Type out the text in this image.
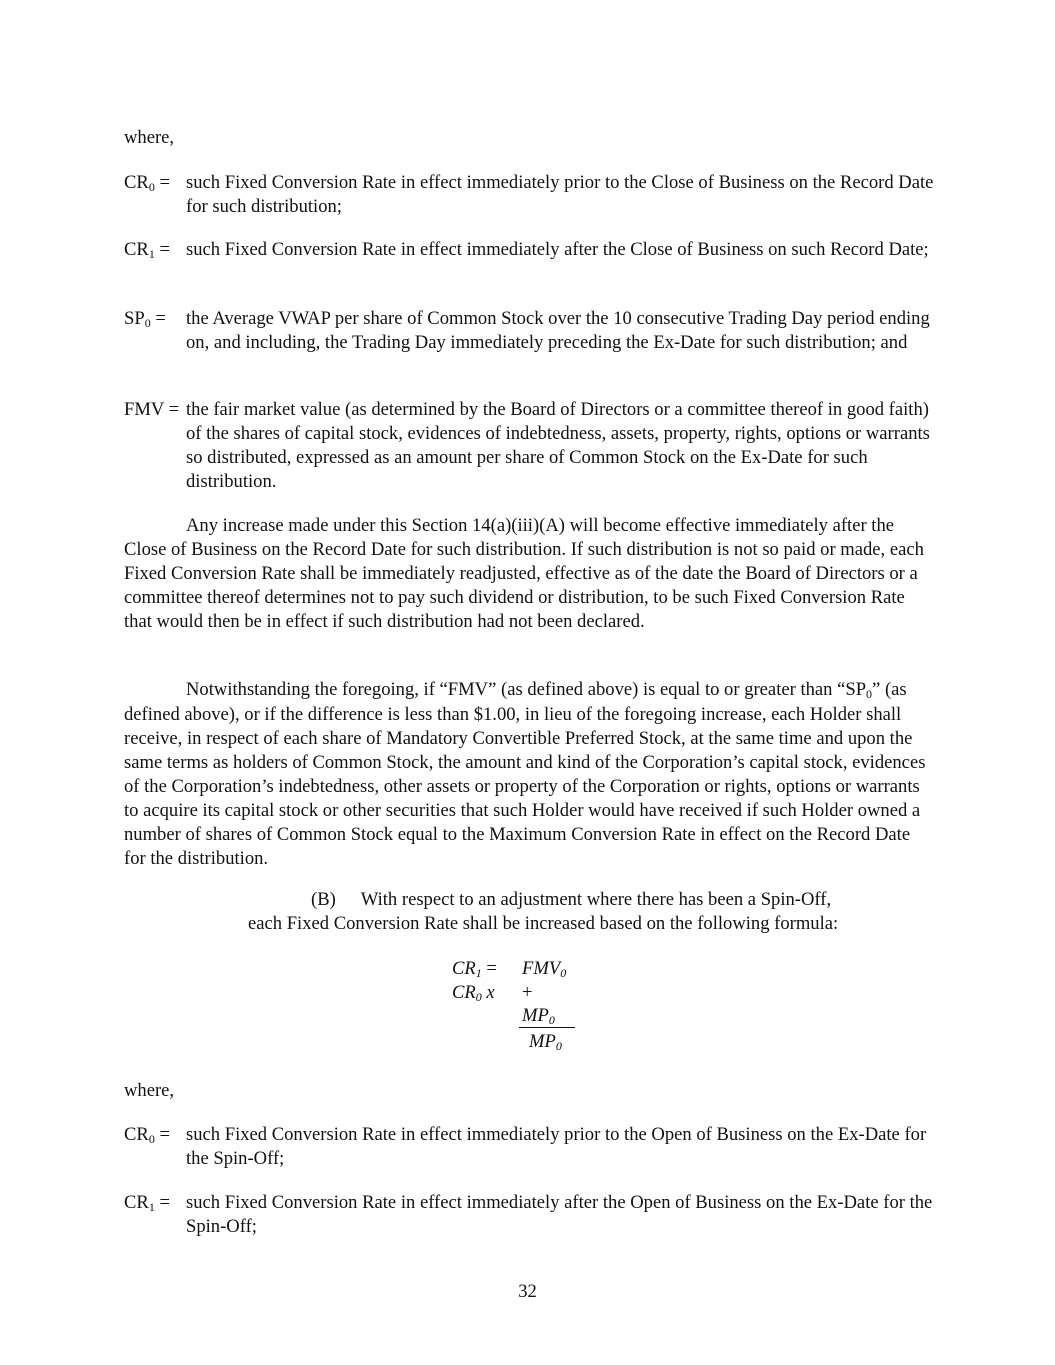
where,

CR0 = such Fixed Conversion Rate in effect immediately prior to the Close of Business on the Record Date for such distribution;
CR1 = such Fixed Conversion Rate in effect immediately after the Close of Business on such Record Date;
SP0 = the Average VWAP per share of Common Stock over the 10 consecutive Trading Day period ending on, and including, the Trading Day immediately preceding the Ex-Date for such distribution; and
FMV = the fair market value (as determined by the Board of Directors or a committee thereof in good faith) of the shares of capital stock, evidences of indebtedness, assets, property, rights, options or warrants so distributed, expressed as an amount per share of Common Stock on the Ex-Date for such distribution.

Any increase made under this Section 14(a)(iii)(A) will become effective immediately after the Close of Business on the Record Date for such distribution. If such distribution is not so paid or made, each Fixed Conversion Rate shall be immediately readjusted, effective as of the date the Board of Directors or a committee thereof determines not to pay such dividend or distribution, to be such Fixed Conversion Rate that would then be in effect if such distribution had not been declared.

Notwithstanding the foregoing, if “FMV” (as defined above) is equal to or greater than “SP0” (as defined above), or if the difference is less than $1.00, in lieu of the foregoing increase, each Holder shall receive, in respect of each share of Mandatory Convertible Preferred Stock, at the same time and upon the same terms as holders of Common Stock, the amount and kind of the Corporation’s capital stock, evidences of the Corporation’s indebtedness, other assets or property of the Corporation or rights, options or warrants to acquire its capital stock or other securities that such Holder would have received if such Holder owned a number of shares of Common Stock equal to the Maximum Conversion Rate in effect on the Record Date for the distribution.

(B) With respect to an adjustment where there has been a Spin-Off,
each Fixed Conversion Rate shall be increased based on the following formula:
CR1 = FMV0
CR0 x +
MP0
MP0

where,

CR0 = such Fixed Conversion Rate in effect immediately prior to the Open of Business on the Ex-Date for the Spin-Off;
CR1 = such Fixed Conversion Rate in effect immediately after the Open of Business on the Ex-Date for the Spin-Off;
32
